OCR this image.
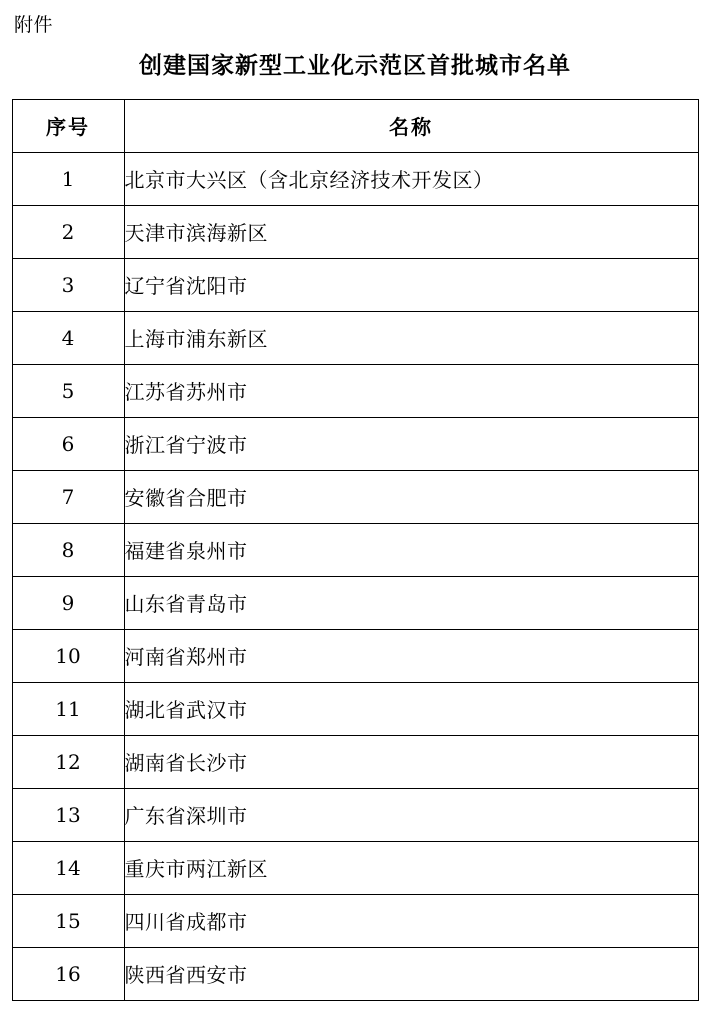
附件
创建国家新型工业化示范区首批城市名单
序号	名称
1	北京市大兴区（含北京经济技术开发区）
2	天津市滨海新区
3	辽宁省沈阳市
4	上海市浦东新区
5	江苏省苏州市
6	浙江省宁波市
7	安徽省合肥市
8	福建省泉州市
9	山东省青岛市
10	河南省郑州市
11	湖北省武汉市
12	湖南省长沙市
13	广东省深圳市
14	重庆市两江新区
15	四川省成都市
16	陕西省西安市
